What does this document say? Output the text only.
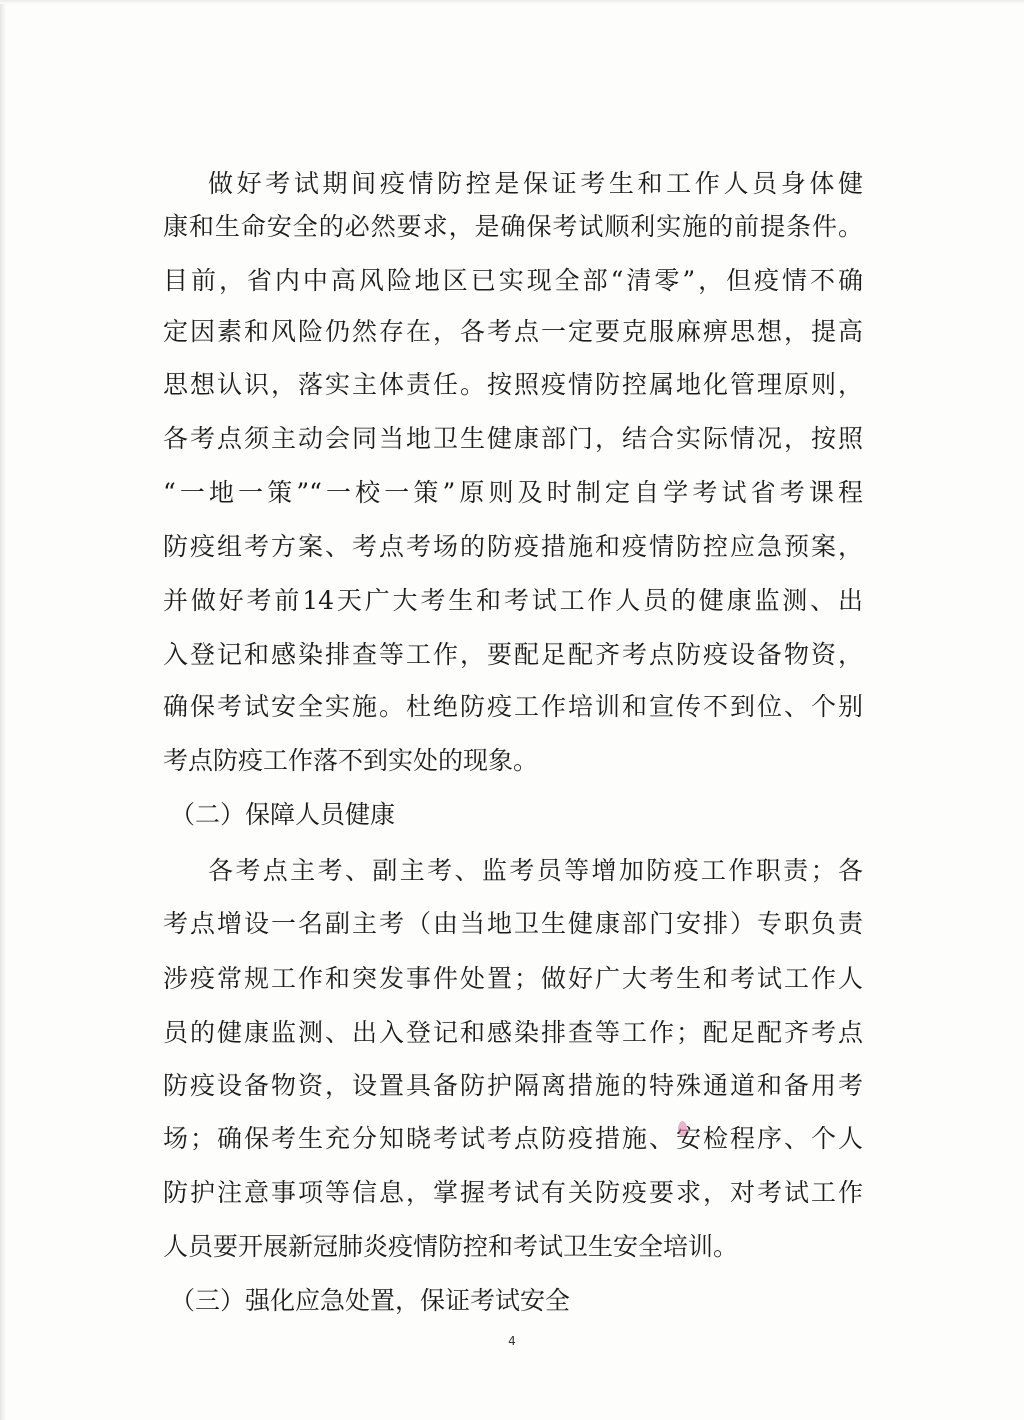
做好考试期间疫情防控是保证考生和工作人员身体健
康和生命安全的必然要求，是确保考试顺利实施的前提条件。
目前，省内中高风险地区已实现全部“清零”，但疫情不确
定因素和风险仍然存在，各考点一定要克服麻痹思想，提高
思想认识，落实主体责任。按照疫情防控属地化管理原则，
各考点须主动会同当地卫生健康部门，结合实际情况，按照
“一地一策”“一校一策”原则及时制定自学考试省考课程
防疫组考方案、考点考场的防疫措施和疫情防控应急预案，
并做好考前14天广大考生和考试工作人员的健康监测、出
入登记和感染排查等工作，要配足配齐考点防疫设备物资，
确保考试安全实施。杜绝防疫工作培训和宣传不到位、个别
考点防疫工作落不到实处的现象。
（二）保障人员健康
各考点主考、副主考、监考员等增加防疫工作职责；各
考点增设一名副主考（由当地卫生健康部门安排）专职负责
涉疫常规工作和突发事件处置；做好广大考生和考试工作人
员的健康监测、出入登记和感染排查等工作；配足配齐考点
防疫设备物资，设置具备防护隔离措施的特殊通道和备用考
场；确保考生充分知晓考试考点防疫措施、安检程序、个人
防护注意事项等信息，掌握考试有关防疫要求，对考试工作
人员要开展新冠肺炎疫情防控和考试卫生安全培训。
（三）强化应急处置，保证考试安全
4
